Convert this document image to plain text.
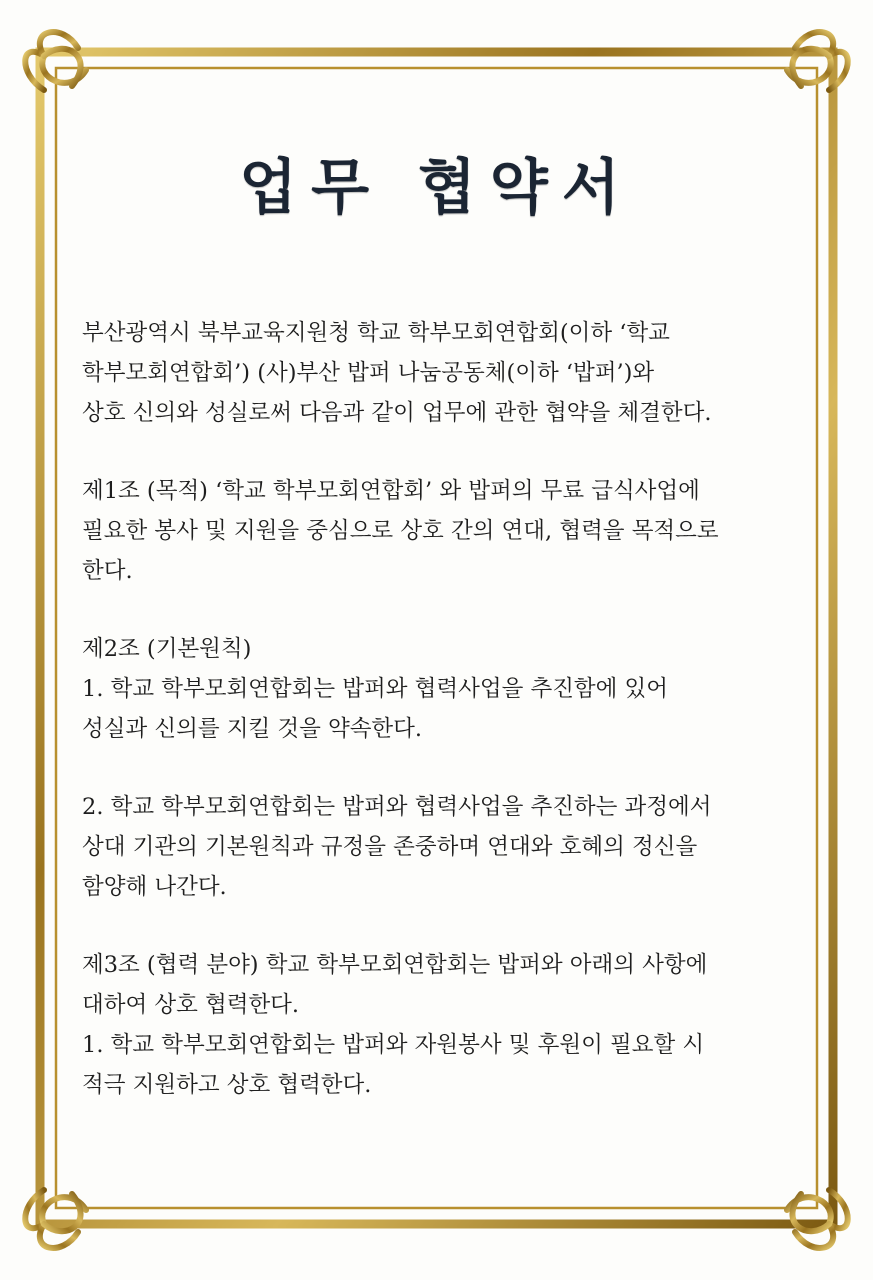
업무 협약서
부산광역시 북부교육지원청 학교 학부모회연합회(이하 ‘학교
학부모회연합회’) (사)부산 밥퍼 나눔공동체(이하 ‘밥퍼’)와
상호 신의와 성실로써 다음과 같이 업무에 관한 협약을 체결한다.
제1조 (목적) ‘학교 학부모회연합회’ 와 밥퍼의 무료 급식사업에
필요한 봉사 및 지원을 중심으로 상호 간의 연대, 협력을 목적으로
한다.
제2조 (기본원칙)
1. 학교 학부모회연합회는 밥퍼와 협력사업을 추진함에 있어
성실과 신의를 지킬 것을 약속한다.
2. 학교 학부모회연합회는 밥퍼와 협력사업을 추진하는 과정에서
상대 기관의 기본원칙과 규정을 존중하며 연대와 호혜의 정신을
함양해 나간다.
제3조 (협력 분야) 학교 학부모회연합회는 밥퍼와 아래의 사항에
대하여 상호 협력한다.
1. 학교 학부모회연합회는 밥퍼와 자원봉사 및 후원이 필요할 시
적극 지원하고 상호 협력한다.
